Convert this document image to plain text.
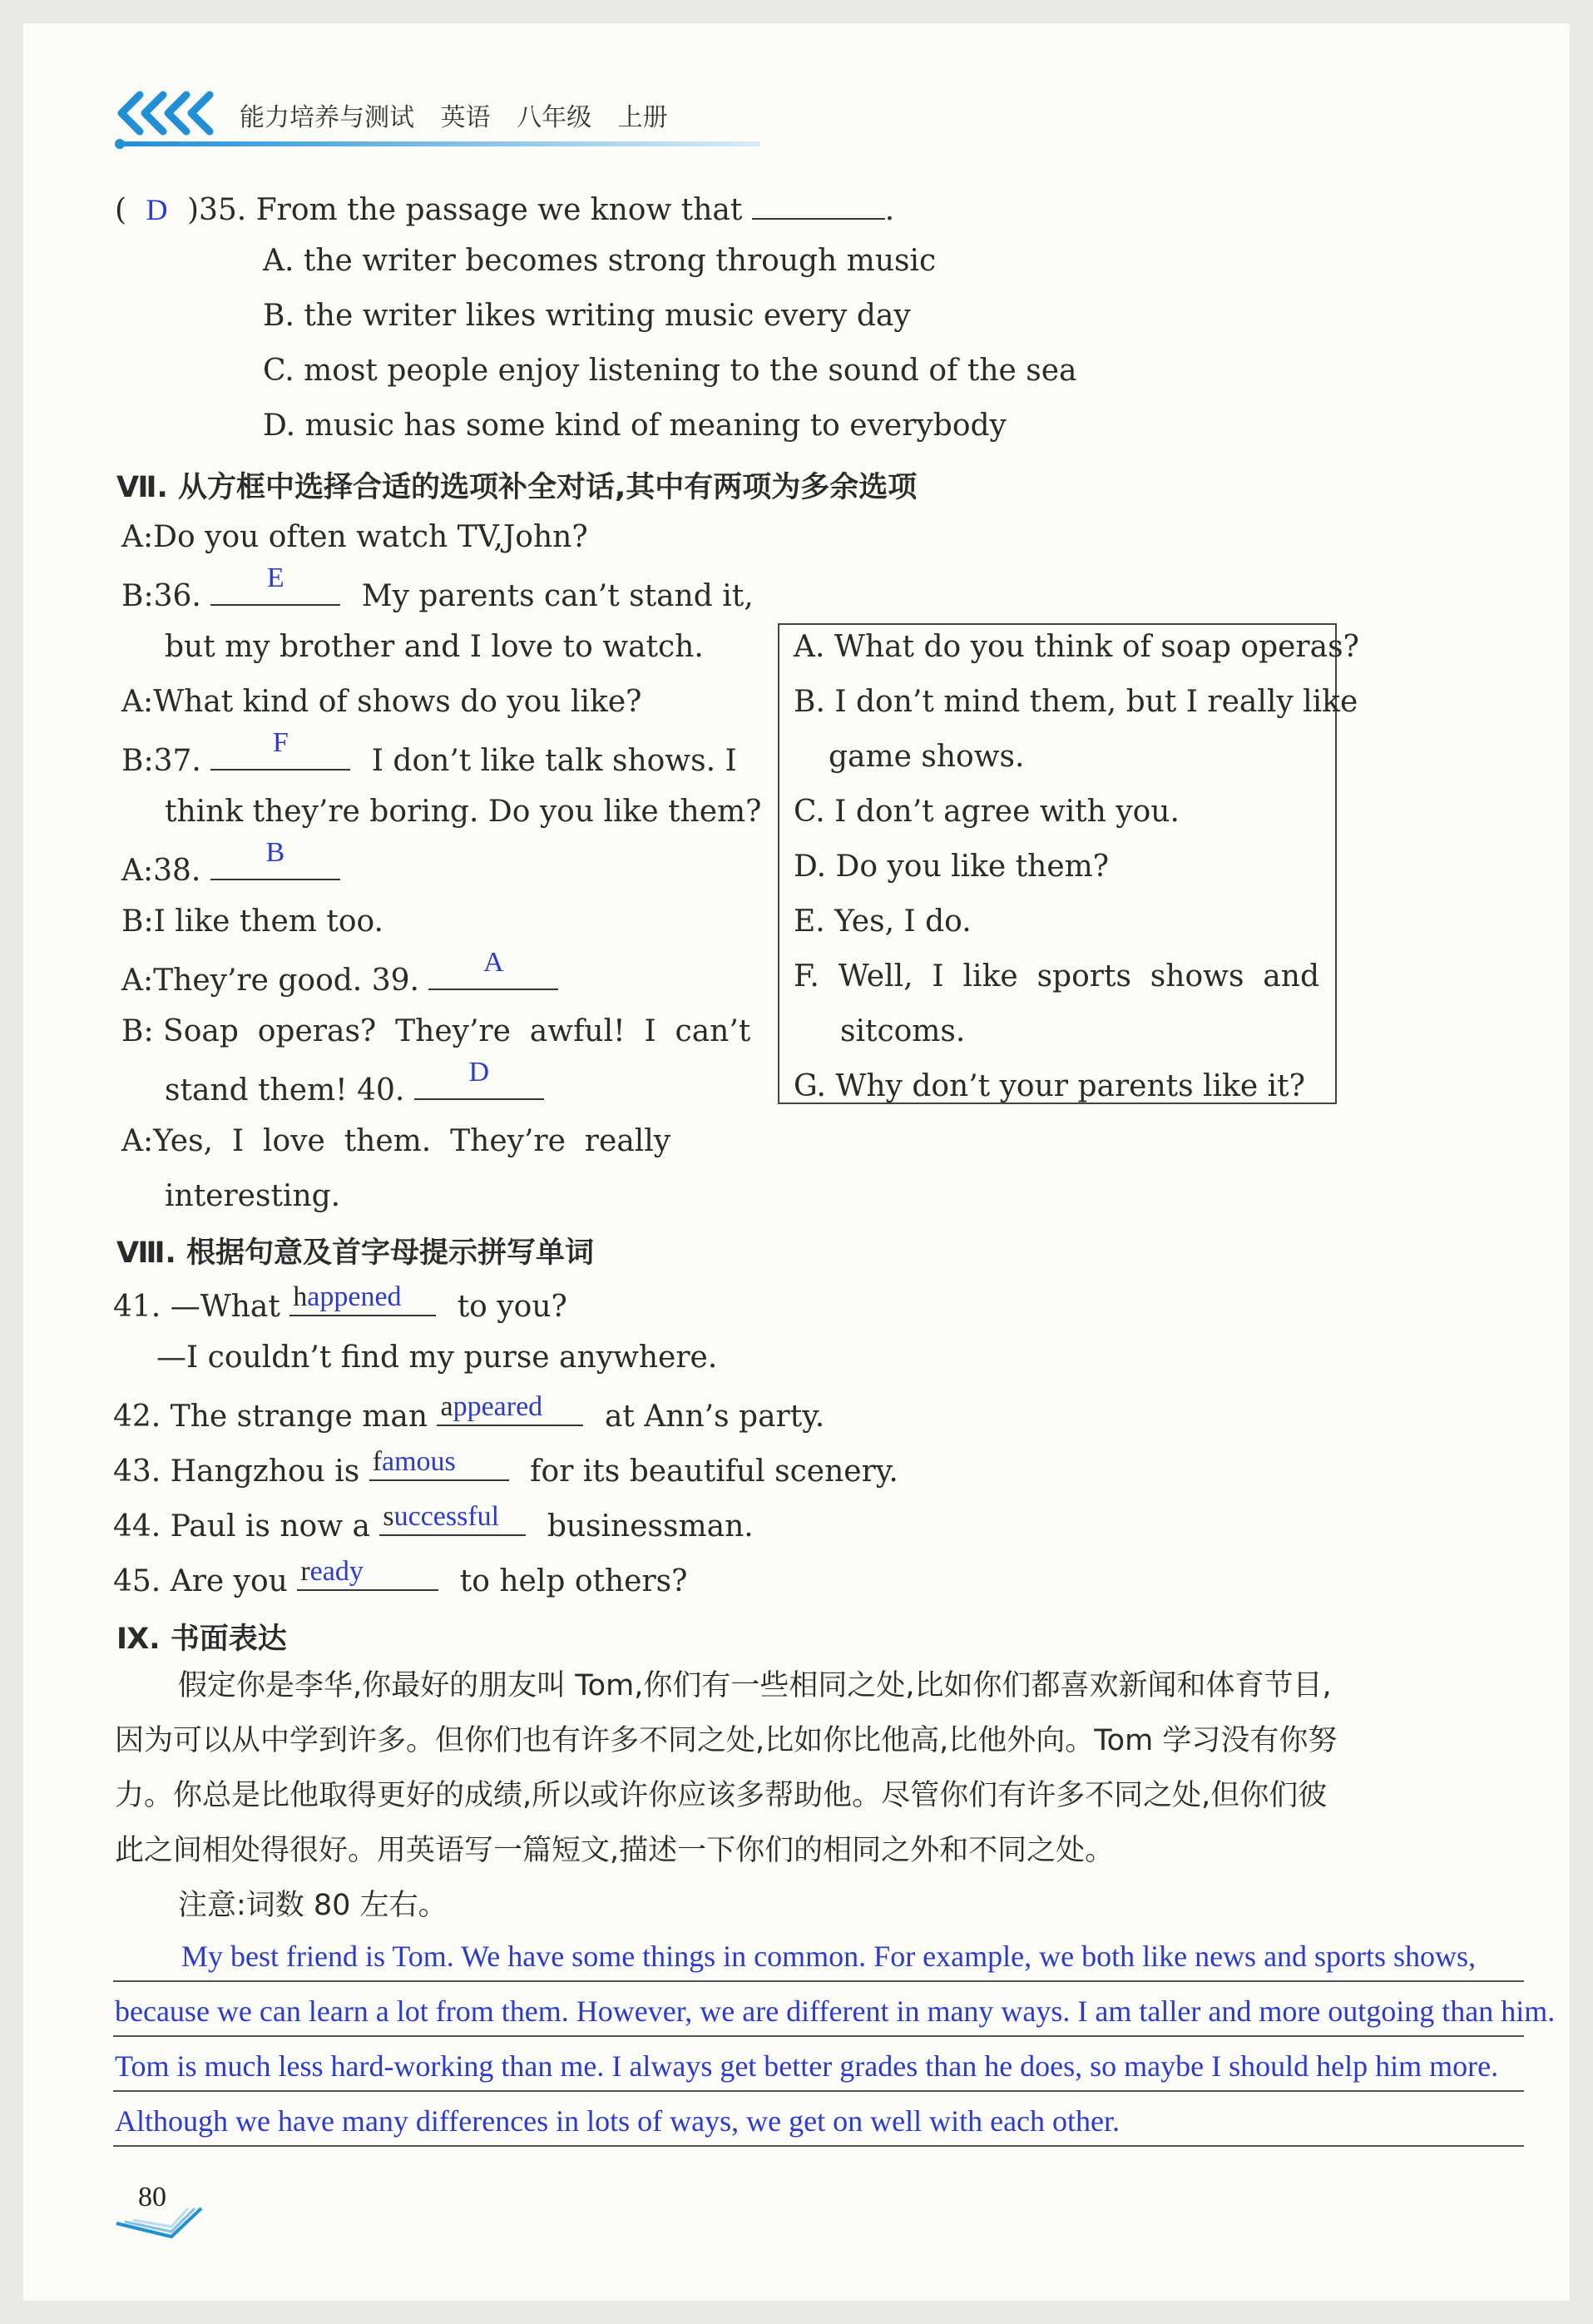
能力培养与测试 英语 八年级 上册
( D )35. From the passage we know that	.
A. the writer becomes strong through music
B. the writer likes writing music every day
C. most people enjoy listening to the sound of the sea
D. music has some kind of meaning to everybody
Ⅶ. 从方框中选择合适的选项补全对话,其中有两项为多余选项
A:Do you often watch TV,John?
B:36.
E
My parents can’t stand it,
but my brother and I love to watch.
A:What kind of shows do you like?
B:37.
F
I don’t like talk shows. I
think they’re boring. Do you like them?
A:38.
B
B:I like them too.
A:They’re good. 39.
A
B: Soap  operas?  They’re  awful!  I  can’t
stand them! 40.
D
A:Yes,  I  love  them.  They’re  really
interesting.
A. What do you think of soap operas?
B. I don’t mind them, but I really like
game shows.
C. I don’t agree with you.
D. Do you like them?
E. Yes, I do.
F.  Well,  I  like  sports  shows  and
sitcoms.
G. Why don’t your parents like it?
Ⅷ. 根据句意及首字母提示拼写单词
41. —What happened to you?
—I couldn’t find my purse anywhere.
42. The strange man appeared at Ann’s party.
43. Hangzhou is famous for its beautiful scenery.
44. Paul is now a successful businessman.
45. Are you ready	to help others?
Ⅸ. 书面表达
假定你是李华,你最好的朋友叫 Tom,你们有一些相同之处,比如你们都喜欢新闻和体育节目,
因为可以从中学到许多。但你们也有许多不同之处,比如你比他高,比他外向。Tom 学习没有你努
力。你总是比他取得更好的成绩,所以或许你应该多帮助他。尽管你们有许多不同之处,但你们彼
此之间相处得很好。用英语写一篇短文,描述一下你们的相同之外和不同之处。
注意:词数 80 左右。
My best friend is Tom. We have some things in common. For example, we both like news and sports shows,
because we can learn a lot from them. However, we are different in many ways. I am taller and more outgoing than him.
Tom is much less hard-working than me. I always get better grades than he does, so maybe I should help him more.
Although we have many differences in lots of ways, we get on well with each other.
80
